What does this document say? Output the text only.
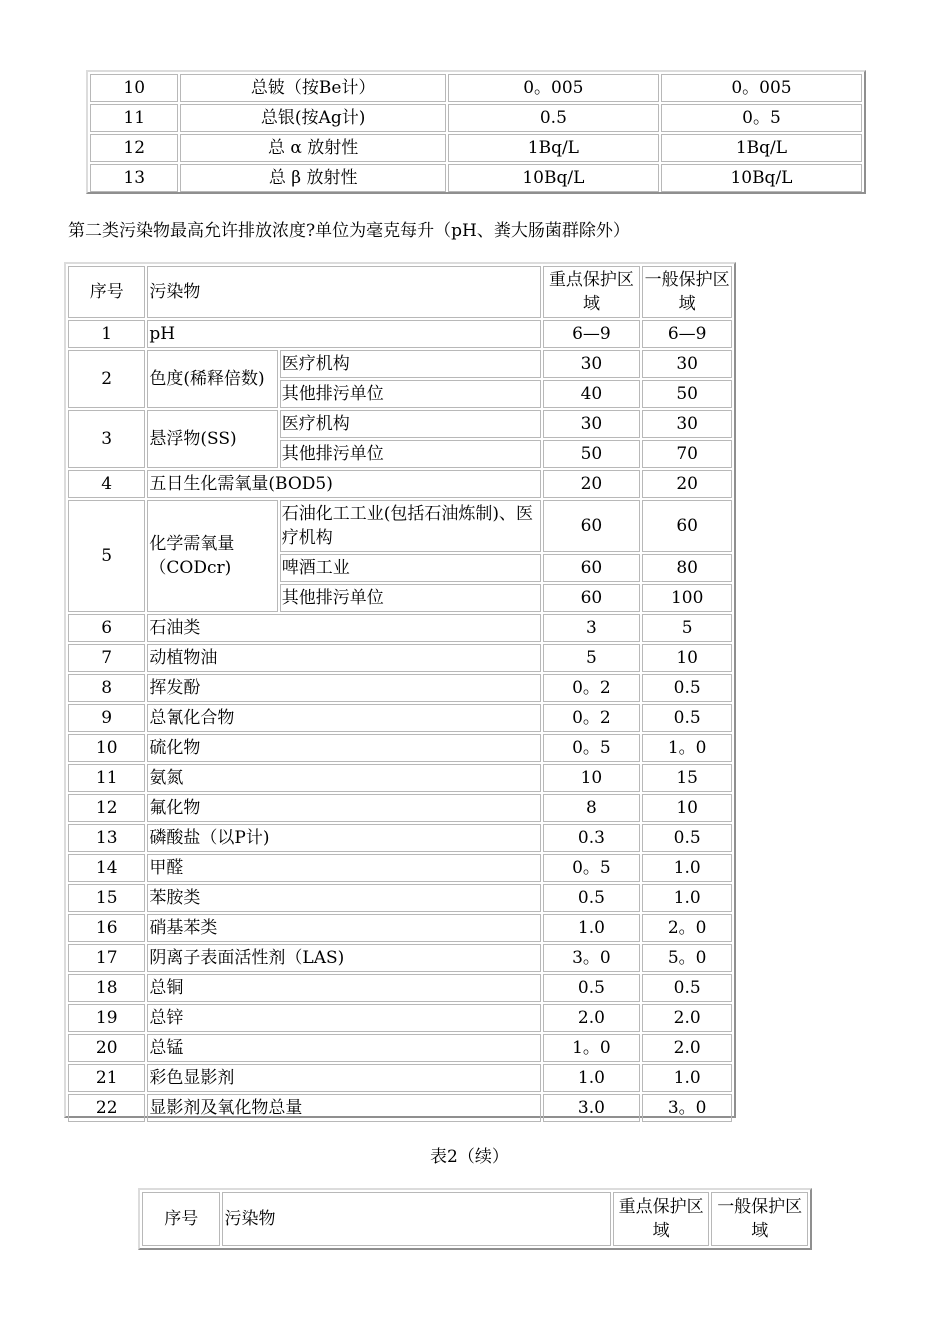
10	总铍（按Be计）	0。005	0。005
11	总银(按Ag计)	0.5	0。5
12	总 α 放射性	1Bq/L	1Bq/L
13	总 β 放射性	10Bq/L	10Bq/L
第二类污染物最高允许排放浓度?单位为毫克每升（pH、粪大肠菌群除外）
序号	污染物		重点保护区域	一般保护区域
1	pH		6—9	6—9
2	色度(稀释倍数)	医疗机构	30	30
		其他排污单位	40	50
3	悬浮物(SS)	医疗机构	30	30
		其他排污单位	50	70
4	五日生化需氧量(BOD5)		20	20
5	化学需氧量（CODcr)	石油化工工业(包括石油炼制)、医疗机构	60	60
		啤酒工业	60	80
		其他排污单位	60	100
6	石油类		3	5
7	动植物油		5	10
8	挥发酚		0。2	0.5
9	总氰化合物		0。2	0.5
10	硫化物		0。5	1。0
11	氨氮		10	15
12	氟化物		8	10
13	磷酸盐（以P计)		0.3	0.5
14	甲醛		0。5	1.0
15	苯胺类		0.5	1.0
16	硝基苯类		1.0	2。0
17	阴离子表面活性剂（LAS)		3。0	5。0
18	总铜		0.5	0.5
19	总锌		2.0	2.0
20	总锰		1。0	2.0
21	彩色显影剂		1.0	1.0
22	显影剂及氧化物总量		3.0	3。0
表2（续）
序号	污染物	重点保护区域	一般保护区域
